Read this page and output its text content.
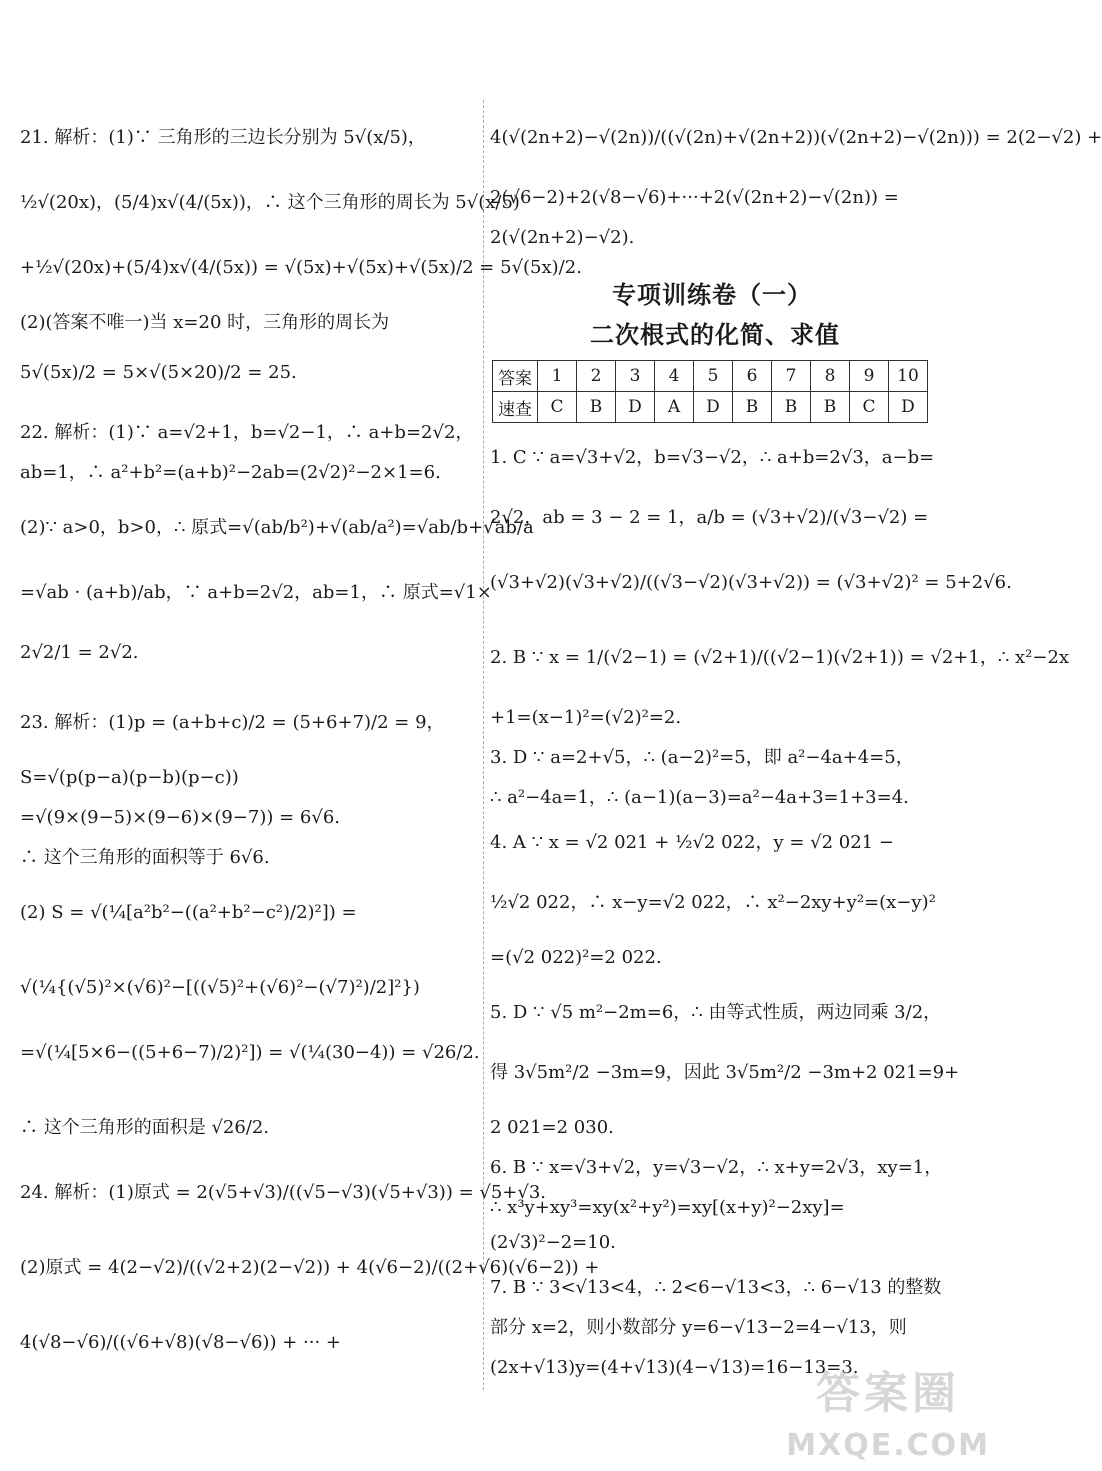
21. 解析：(1)∵ 三角形的三边长分别为 5√(x/5)，
½√(20x)，(5/4)x√(4/(5x))，∴ 这个三角形的周长为 5√(x/5)
+½√(20x)+(5/4)x√(4/(5x)) = √(5x)+√(5x)+√(5x)/2 = 5√(5x)/2.
(2)(答案不唯一)当 x=20 时，三角形的周长为
5√(5x)/2 = 5×√(5×20)/2 = 25.
22. 解析：(1)∵ a=√2+1，b=√2−1，∴ a+b=2√2，
ab=1，∴ a²+b²=(a+b)²−2ab=(2√2)²−2×1=6.
(2)∵ a>0，b>0，∴ 原式=√(ab/b²)+√(ab/a²)=√ab/b+√ab/a
=√ab · (a+b)/ab，∵ a+b=2√2，ab=1，∴ 原式=√1×
2√2/1 = 2√2.
23. 解析：(1)p = (a+b+c)/2 = (5+6+7)/2 = 9，
S=√(p(p−a)(p−b)(p−c))
=√(9×(9−5)×(9−6)×(9−7)) = 6√6.
∴ 这个三角形的面积等于 6√6.
(2) S = √(¼[a²b²−((a²+b²−c²)/2)²]) =
√(¼{(√5)²×(√6)²−[((√5)²+(√6)²−(√7)²)/2]²})
=√(¼[5×6−((5+6−7)/2)²]) = √(¼(30−4)) = √26/2.
∴ 这个三角形的面积是 √26/2.
24. 解析：(1)原式 = 2(√5+√3)/((√5−√3)(√5+√3)) = √5+√3.
(2)原式 = 4(2−√2)/((√2+2)(2−√2)) + 4(√6−2)/((2+√6)(√6−2)) +
4(√8−√6)/((√6+√8)(√8−√6)) + ··· +
4(√(2n+2)−√(2n))/((√(2n)+√(2n+2))(√(2n+2)−√(2n))) = 2(2−√2) +
2(√6−2)+2(√8−√6)+···+2(√(2n+2)−√(2n)) =
2(√(2n+2)−√2).
1. C ∵ a=√3+√2，b=√3−√2，∴ a+b=2√3，a−b=
2√2，ab = 3 − 2 = 1，a/b = (√3+√2)/(√3−√2) =
(√3+√2)(√3+√2)/((√3−√2)(√3+√2)) = (√3+√2)² = 5+2√6.
2. B ∵ x = 1/(√2−1) = (√2+1)/((√2−1)(√2+1)) = √2+1，∴ x²−2x
+1=(x−1)²=(√2)²=2.
3. D ∵ a=2+√5，∴ (a−2)²=5，即 a²−4a+4=5，
∴ a²−4a=1，∴ (a−1)(a−3)=a²−4a+3=1+3=4.
4. A ∵ x = √2 021 + ½√2 022，y = √2 021 −
½√2 022，∴ x−y=√2 022，∴ x²−2xy+y²=(x−y)²
=(√2 022)²=2 022.
5. D ∵ √5 m²−2m=6，∴ 由等式性质，两边同乘 3/2，
得 3√5m²/2 −3m=9，因此 3√5m²/2 −3m+2 021=9+
2 021=2 030.
6. B ∵ x=√3+√2，y=√3−√2，∴ x+y=2√3，xy=1，
∴ x³y+xy³=xy(x²+y²)=xy[(x+y)²−2xy]=
(2√3)²−2=10.
7. B ∵ 3<√13<4，∴ 2<6−√13<3，∴ 6−√13 的整数
部分 x=2，则小数部分 y=6−√13−2=4−√13，则
(2x+√13)y=(4+√13)(4−√13)=16−13=3.
专项训练卷（一）
二次根式的化简、求值
答案	1	2	3	4	5	6	7	8	9	10
速查	C	B	D	A	D	B	B	B	C	D
答案圈
MXQE.COM
